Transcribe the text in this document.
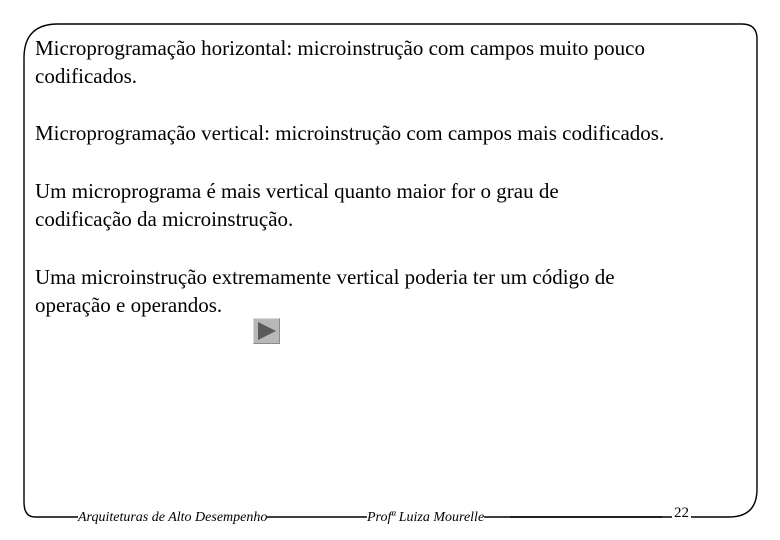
Microprogramação horizontal: microinstrução com campos muito pouco
codificados.

Microprogramação vertical: microinstrução com campos mais codificados.

Um microprograma é mais vertical quanto maior for o grau de
codificação da microinstrução.

Uma microinstrução extremamente vertical poderia ter um código de
operação e operandos.

Arquiteturas de Alto Desempenho	Profª Luiza Mourelle	22
